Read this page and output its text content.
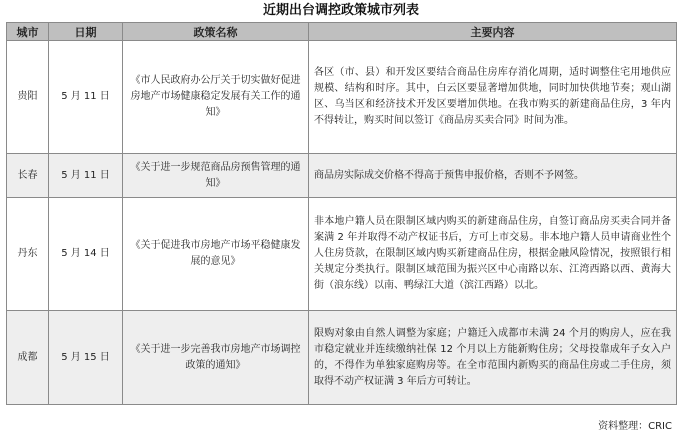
近期出台调控政策城市列表
城市	日期	政策名称	主要内容
贵阳	5 月 11 日	《市人民政府办公厅关于切实做好促进房地产市场健康稳定发展有关工作的通知》	各区（市、县）和开发区要结合商品住房库存消化周期，适时调整住宅用地供应规模、结构和时序。其中，白云区要显著增加供地，同时加快供地节奏；观山湖区、乌当区和经济技术开发区要增加供地。在我市购买的新建商品住房，3 年内不得转让，购买时间以签订《商品房买卖合同》时间为准。
长春	5 月 11 日	《关于进一步规范商品房预售管理的通知》	商品房实际成交价格不得高于预售申报价格，否则不予网签。
丹东	5 月 14 日	《关于促进我市房地产市场平稳健康发展的意见》	非本地户籍人员在限制区域内购买的新建商品住房，自签订商品房买卖合同并备案满 2 年并取得不动产权证书后，方可上市交易。非本地户籍人员申请商业性个人住房贷款，在限制区域内购买新建商品住房，根据金融风险情况，按照银行相关规定分类执行。限制区域范围为振兴区中心南路以东、江湾西路以西、黄海大街（浪东线）以南、鸭绿江大道（滨江西路）以北。
成都	5 月 15 日	《关于进一步完善我市房地产市场调控政策的通知》	限购对象由自然人调整为家庭；户籍迁入成都市未满 24 个月的购房人，应在我市稳定就业并连续缴纳社保 12 个月以上方能新购住房；父母投靠成年子女入户的，不得作为单独家庭购房等。在全市范围内新购买的商品住房或二手住房，须取得不动产权证满 3 年后方可转让。
资料整理：CRIC
